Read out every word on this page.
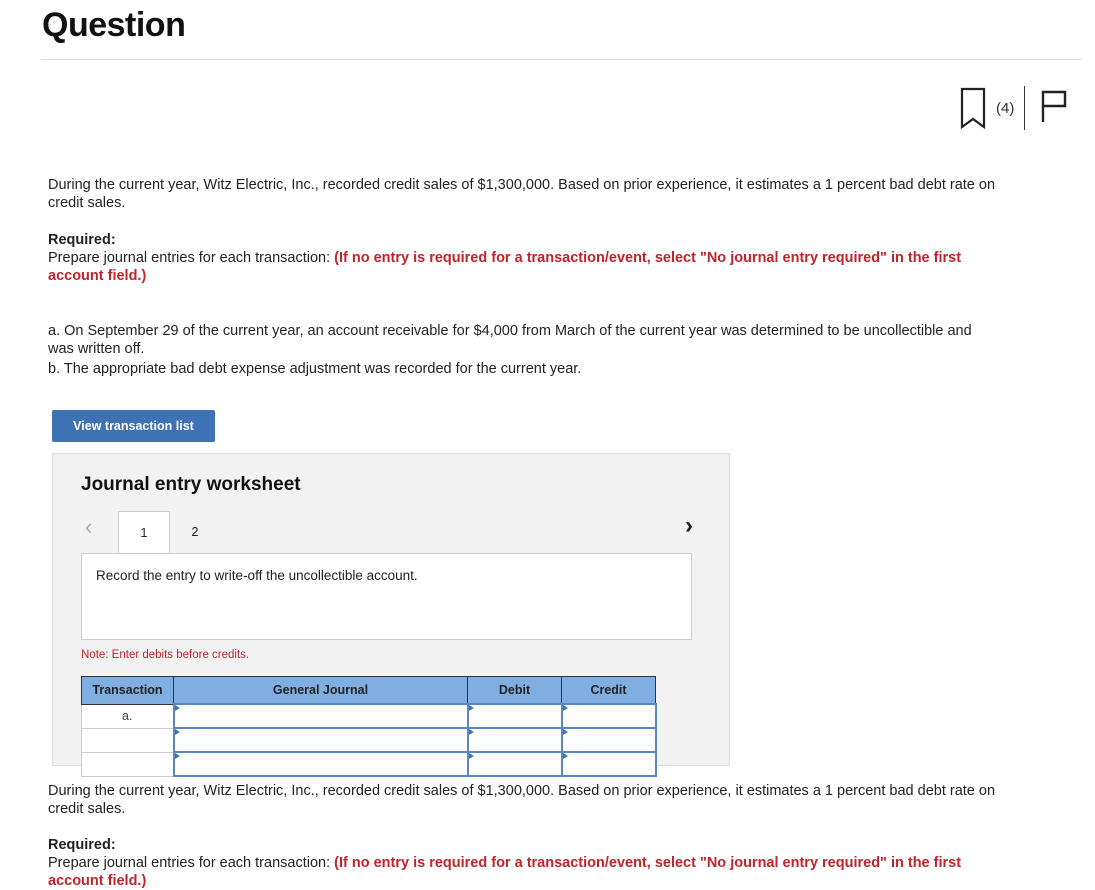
Question
(4)
During the current year, Witz Electric, Inc., recorded credit sales of $1,300,000. Based on prior experience, it estimates a 1 percent bad debt rate on credit sales.
Required:
Prepare journal entries for each transaction: (If no entry is required for a transaction/event, select "No journal entry required" in the first account field.)
a. On September 29 of the current year, an account receivable for $4,000 from March of the current year was determined to be uncollectible and was written off.
b. The appropriate bad debt expense adjustment was recorded for the current year.
View transaction list
Journal entry worksheet
‹	1	2	›
Record the entry to write-off the uncollectible account.
Note: Enter debits before credits.
Transaction	General Journal	Debit	Credit
a.			

During the current year, Witz Electric, Inc., recorded credit sales of $1,300,000. Based on prior experience, it estimates a 1 percent bad debt rate on credit sales.
Required:
Prepare journal entries for each transaction: (If no entry is required for a transaction/event, select "No journal entry required" in the first account field.)
